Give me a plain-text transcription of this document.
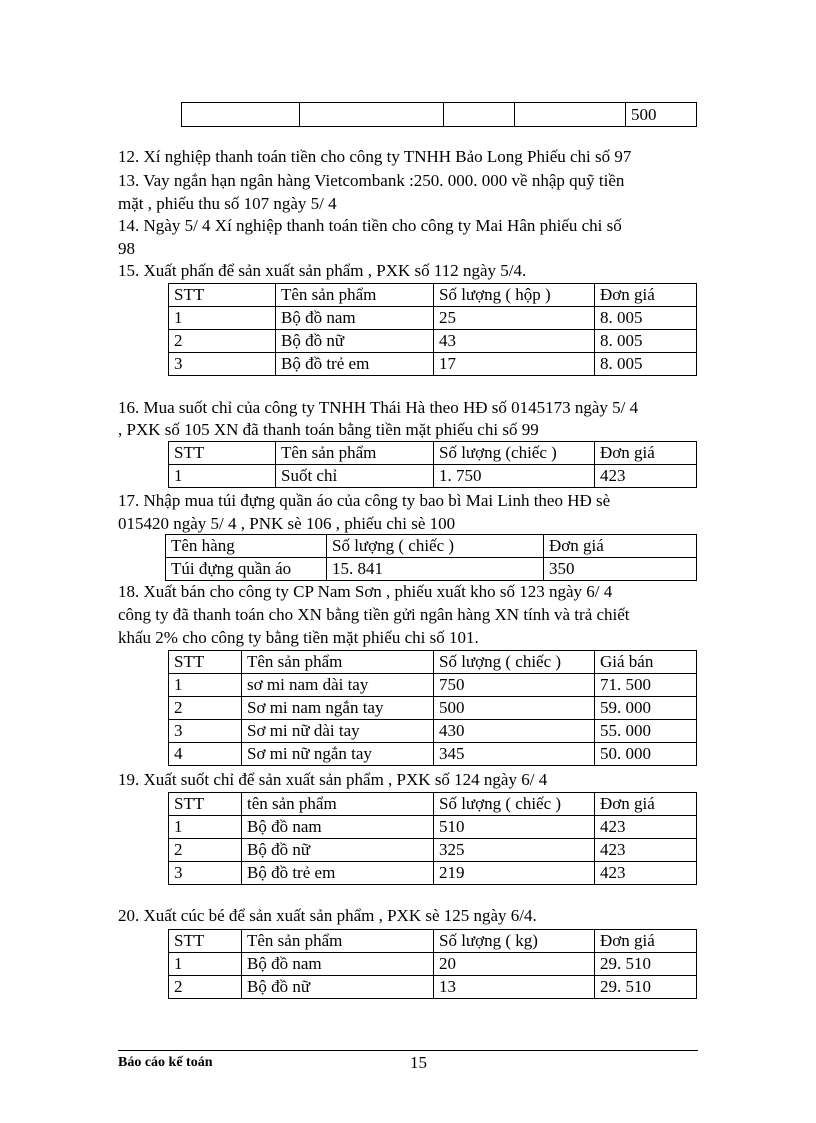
				500

12. Xí nghiệp thanh toán tiền cho công ty TNHH Bảo Long Phiếu chi số 97

13. Vay ngắn hạn ngân hàng Vietcombank :250. 000. 000 về nhập quỹ tiền

mặt , phiếu thu số 107 ngày 5/ 4

14. Ngày 5/ 4 Xí nghiệp thanh toán tiền cho công ty Mai Hân phiếu chi số

98

15. Xuất phấn để sản xuất sản phẩm , PXK số 112 ngày 5/4.

STT	Tên sản phẩm	Số lượng ( hộp )	Đơn giá
1	Bộ đồ nam	25	8. 005
2	Bộ đồ nữ	43	8. 005
3	Bộ đồ trẻ em	17	8. 005

16. Mua suốt chỉ của công ty TNHH Thái Hà theo HĐ số 0145173 ngày 5/ 4

, PXK số 105 XN đã thanh toán bằng tiền mặt phiếu chi số 99

STT	Tên sản phẩm	Số lượng (chiếc )	Đơn giá
1	Suốt chỉ	1. 750	423

17. Nhập mua túi đựng quần áo của công ty bao bì Mai Linh theo HĐ sè

015420 ngày 5/ 4 , PNK sè 106 , phiếu chi sè 100

Tên hàng	Số lượng ( chiếc )	Đơn giá
Túi đựng quần áo	15. 841	350

18. Xuất bán cho công ty CP Nam Sơn , phiếu xuất kho số 123 ngày 6/ 4

công ty đã thanh toán cho XN bằng tiền gửi ngân hàng XN tính và trả chiết

khấu 2% cho công ty bằng tiền mặt phiếu chi số 101.

STT	Tên sản phẩm	Số lượng ( chiếc )	Giá bán
1	sơ mi nam dài tay	750	71. 500
2	Sơ mi nam ngắn tay	500	59. 000
3	Sơ mi nữ dài tay	430	55. 000
4	Sơ mi nữ ngắn tay	345	50. 000

19. Xuất suốt chỉ để sản xuất sản phẩm , PXK số 124 ngày 6/ 4

STT	tên sản phẩm	Số lượng ( chiếc )	Đơn giá
1	Bộ đồ nam	510	423
2	Bộ đồ nữ	325	423
3	Bộ đồ trẻ em	219	423

20. Xuất cúc bé để sản xuất sản phẩm , PXK sè 125 ngày 6/4.

STT	Tên sản phẩm	Số lượng ( kg)	Đơn giá
1	Bộ đồ nam	20	29. 510
2	Bộ đồ nữ	13	29. 510
Báo cáo kế toán	15
